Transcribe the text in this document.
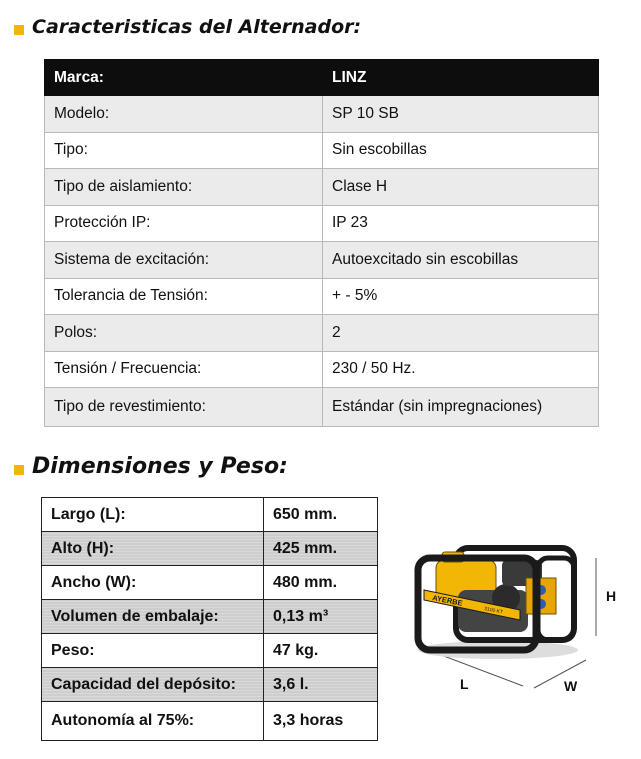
Caracteristicas del Alternador:
Marca:	LINZ
Modelo:	SP 10 SB
Tipo:	Sin escobillas
Tipo de aislamiento:	Clase H
Protección IP:	IP 23
Sistema de excitación:	Autoexcitado sin escobillas
Tolerancia de Tensión:	+ - 5%
Polos:	2
Tensión / Frecuencia:	230 / 50 Hz.
Tipo de revestimiento:	Estándar (sin impregnaciones)
Dimensiones y Peso:
Largo (L):	650 mm.
Alto (H):	425 mm.
Ancho (W):	480 mm.
Volumen de embalaje:	0,13 m³
Peso:	47 kg.
Capacidad del depósito:	3,6 l.
Autonomía al 75%:	3,3 horas
AYERBE
3100 KT
L	W
H
